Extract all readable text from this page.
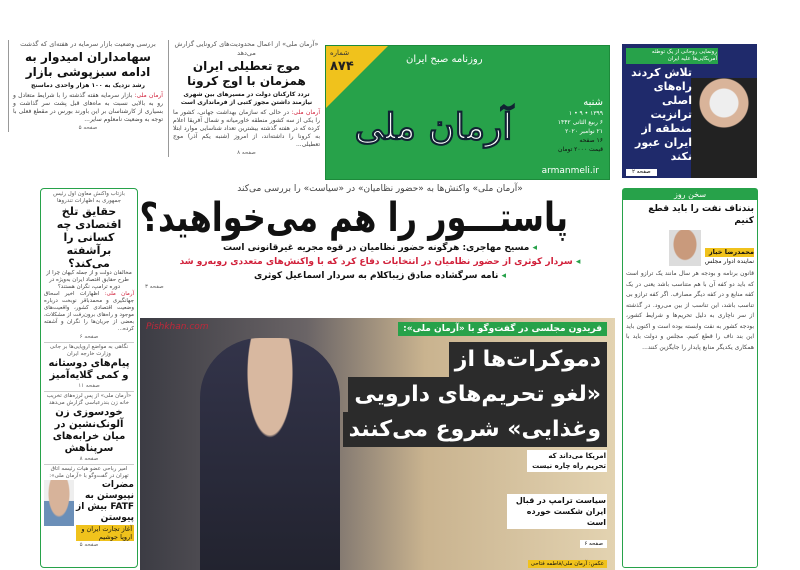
بررسی وضعیت بازار سرمایه در هفته‌ای که گذشت
سهامداران امیدوار به ادامه سبزپوشی بازار
رشد نزدیک به ۱۰۰ هزار واحدی دماسنج
آرمان ملی: بازار سرمایه هفته گذشته را با شرایط متعادل و رو به بالایی نسبت به ماه‌های قبل پشت سر گذاشت و بسیاری از کارشناسان بر این باورند بورس در مقطع فعلی با توجه به وضعیت نامعلوم سایر...
صفحه ۵
«آرمان ملی» از اعمال محدودیت‌های کرونایی گزارش می‌دهد
موج تعطیلی ایران همزمان با اوج کرونا
تردد کارکنان دولت در مسیرهای بین شهری نیازمند داشتن مجوز کتبی از فرمانداری است
آرمان ملی: در حالی که سازمان بهداشت جهانی، کشور ما را یکی از سه کشور منطقه خاورمیانه و شمال آفریقا اعلام کرده که در هفته گذشته بیشترین تعداد شناسایی موارد ابتلا به کرونا را داشته‌اند، از امروز (شنبه یکم آذر) موج تعطیلی...
صفحه ۸
شماره
۸۷۴
آرمان ملی
روزنامه صبح ایران
شنبه
۱۳۹۹ • ۹ • ۱
۶ ربیع الثانی ۱۴۴۲
۲۱ نوامبر ۲۰۲۰
۱۶ صفحه
قیمت ۲۰۰۰ تومان
armanmeli.ir
رونمایی روحانی از یک توطئه آمریکایی‌ها علیه ایران
تلاش کردند راه‌های اصلی ترانزیت منطقه از ایران عبور نکند
صفحه ۲
«آرمان ملی» واکنش‌ها به «حضور نظامیان» در «سیاست» را بررسی می‌کند
پاستـــور را هم می‌خواهید؟
◂ مسیح مهاجری: هرگونه حضور نظامیان در قوه مجریه غیرقانونی است
◂ سردار کوثری از حضور نظامیان در انتخابات دفاع کرد که با واکنش‌های متعددی روبه‌رو شد
◂ نامه سرگشاده صادق زیباکلام به سردار اسماعیل کوثری
صفحه ۳
فریدون مجلسی در گفت‌وگو با «آرمان ملی»:
Pishkhan.com
دموکرات‌ها از
«لغو تحریم‌های دارویی
وغذایی» شروع می‌کنند
امریکا می‌داند که تحریم راه چاره نیست
سیاست ترامپ در قبال ایران شکست خورده است
صفحه ۶
عکس: آرمان ملی/فاطمه فتاحی
بازتاب واکنش معاون اول رئیس جمهوری به اظهارات تندروها
حقایق تلخ اقتصادی چه کسانی را برآشفته می‌کند؟
مخالفان دولت و از جمله کیهان چرا از طرح حقایق اقتصاد ایران به‌ویژه در دوره ترامپ، نگران هستند؟
آرمان ملی: اظهارات اخیر اسحاق جهانگیری و محمدباقر نوبخت درباره وضعیت اقتصادی کشور، واقعیت‌های موجود و راه‌های برون‌رفت از مشکلات، بعضی از جریان‌ها را نگران و آشفته کرده...
صفحه ۶
نگاهی به مواضع اروپایی‌ها بر جانی وزارت خارجه ایران
پیام‌های دوستانه و کمی گلایه‌آمیز
صفحه ۱۱
«آرمان ملی» از پس لرزه‌های تخریب خانه زن بندرعباسی گزارش می‌دهد
خودسوزی زن آلونک‌نشین در میان خرابه‌های سرپناهش
صفحه ۸
امیر رباحی عضو هیات رئیسه اتاق تهران در گفت‌وگو با «آرمان ملی»:
مضرات نپیوستن به FATF بیش از پیوستن
آغاز تجارت ایران و اروپا جوشیم
صفحه ۵
سخن روز
بندناف نفت را باید قطع کنیم
محمدرضا خباز
نماینده ادوار مجلس
قانون برنامه و بودجه هر سال مانند یک ترازو است که باید دو کفه آن با هم متناسب باشد یعنی در یک کفه منابع و در کفه دیگر مصارف. اگر کفه ترازو بی تناسب باشد، این تناسب از بین می‌رود. در گذشته از سر ناچاری به دلیل تحریم‌ها و شرایط کشور، بودجه کشور به نفت وابسته بوده است و اکنون باید این بند ناف را قطع کنیم. مجلس و دولت باید با همکاری یکدیگر منابع پایدار را جایگزین کنند...
